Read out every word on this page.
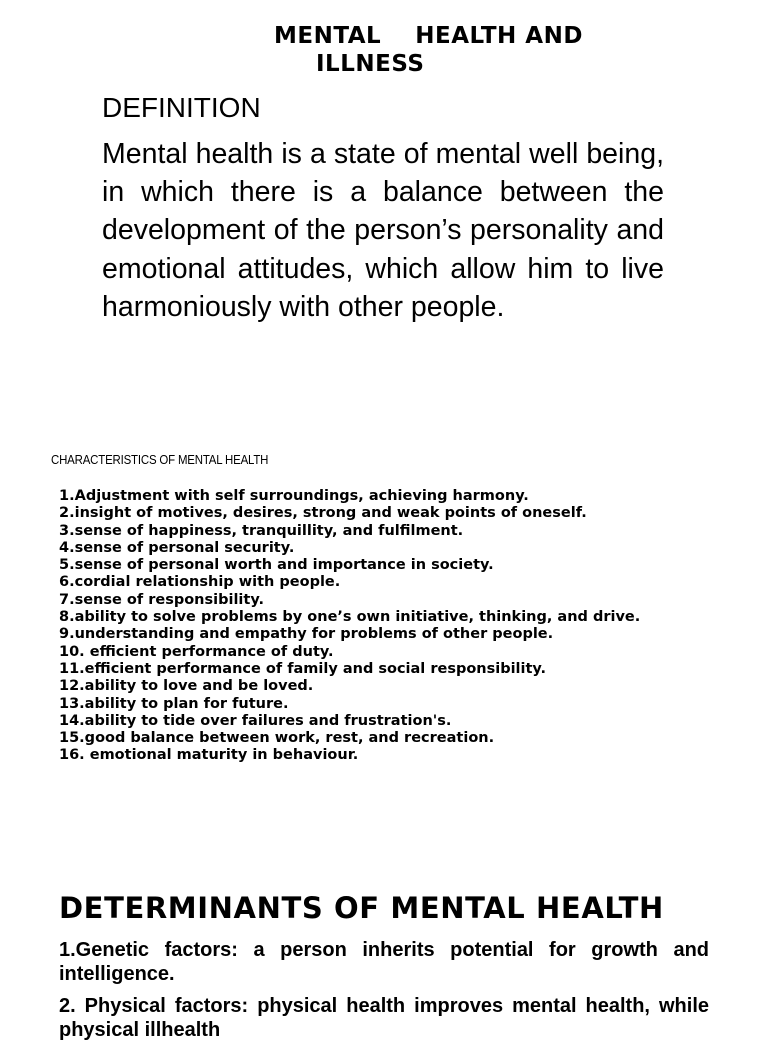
MENTAL    HEALTH AND
ILLNESS
DEFINITION
Mental health is a state of mental well being, in which there is a balance between the development of the person’s personality and emotional attitudes, which allow him to live harmoniously with other people.
CHARACTERISTICS OF MENTAL HEALTH
1.Adjustment with self surroundings, achieving harmony.
2.insight of motives, desires, strong and weak points of oneself.
3.sense of happiness, tranquillity, and fulfilment.
4.sense of personal security.
5.sense of personal worth and importance in society.
6.cordial relationship with people.
7.sense of responsibility.
8.ability to solve problems by one’s own initiative, thinking, and drive.
9.understanding and empathy for problems of other people.
10. efficient performance of duty.
11.efficient performance of family and social responsibility.
12.ability to love and be loved.
13.ability to plan for future.
14.ability to tide over failures and frustration's.
15.good balance between work, rest, and recreation.
16. emotional maturity in behaviour.
DETERMINANTS OF MENTAL HEALTH
1.Genetic factors: a person inherits potential for growth and intelligence.
2. Physical factors: physical health improves mental health, while physical illhealth
